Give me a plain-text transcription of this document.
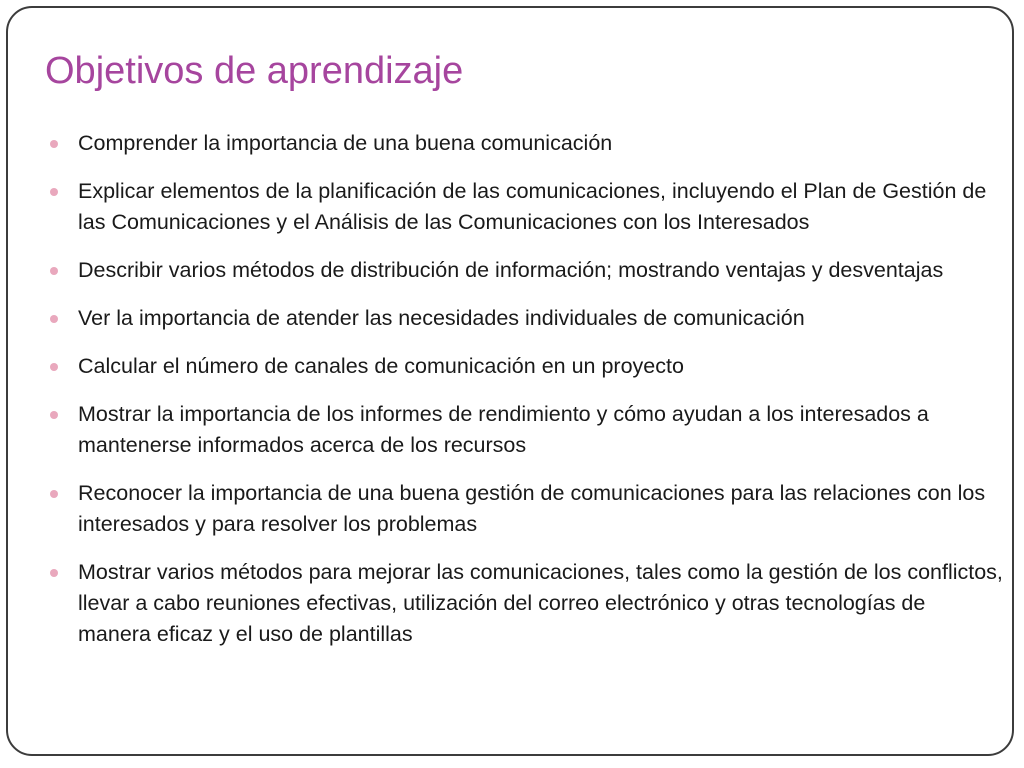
Objetivos de aprendizaje
Comprender la importancia de una buena comunicación
Explicar elementos de la planificación de las comunicaciones, incluyendo el Plan de Gestión de las Comunicaciones y el Análisis de las Comunicaciones con los Interesados
Describir varios métodos de distribución de información; mostrando ventajas y desventajas
Ver la importancia de atender las necesidades individuales de comunicación
Calcular el número de canales de comunicación en un proyecto
Mostrar la importancia de los informes de rendimiento y cómo ayudan a los interesados a mantenerse informados acerca de los recursos
Reconocer la importancia de una buena gestión de comunicaciones para las relaciones con los interesados y para resolver los problemas
Mostrar varios métodos para mejorar las comunicaciones, tales como la gestión de los conflictos, llevar a cabo reuniones efectivas, utilización del correo electrónico y otras tecnologías de manera eficaz y el uso de plantillas
